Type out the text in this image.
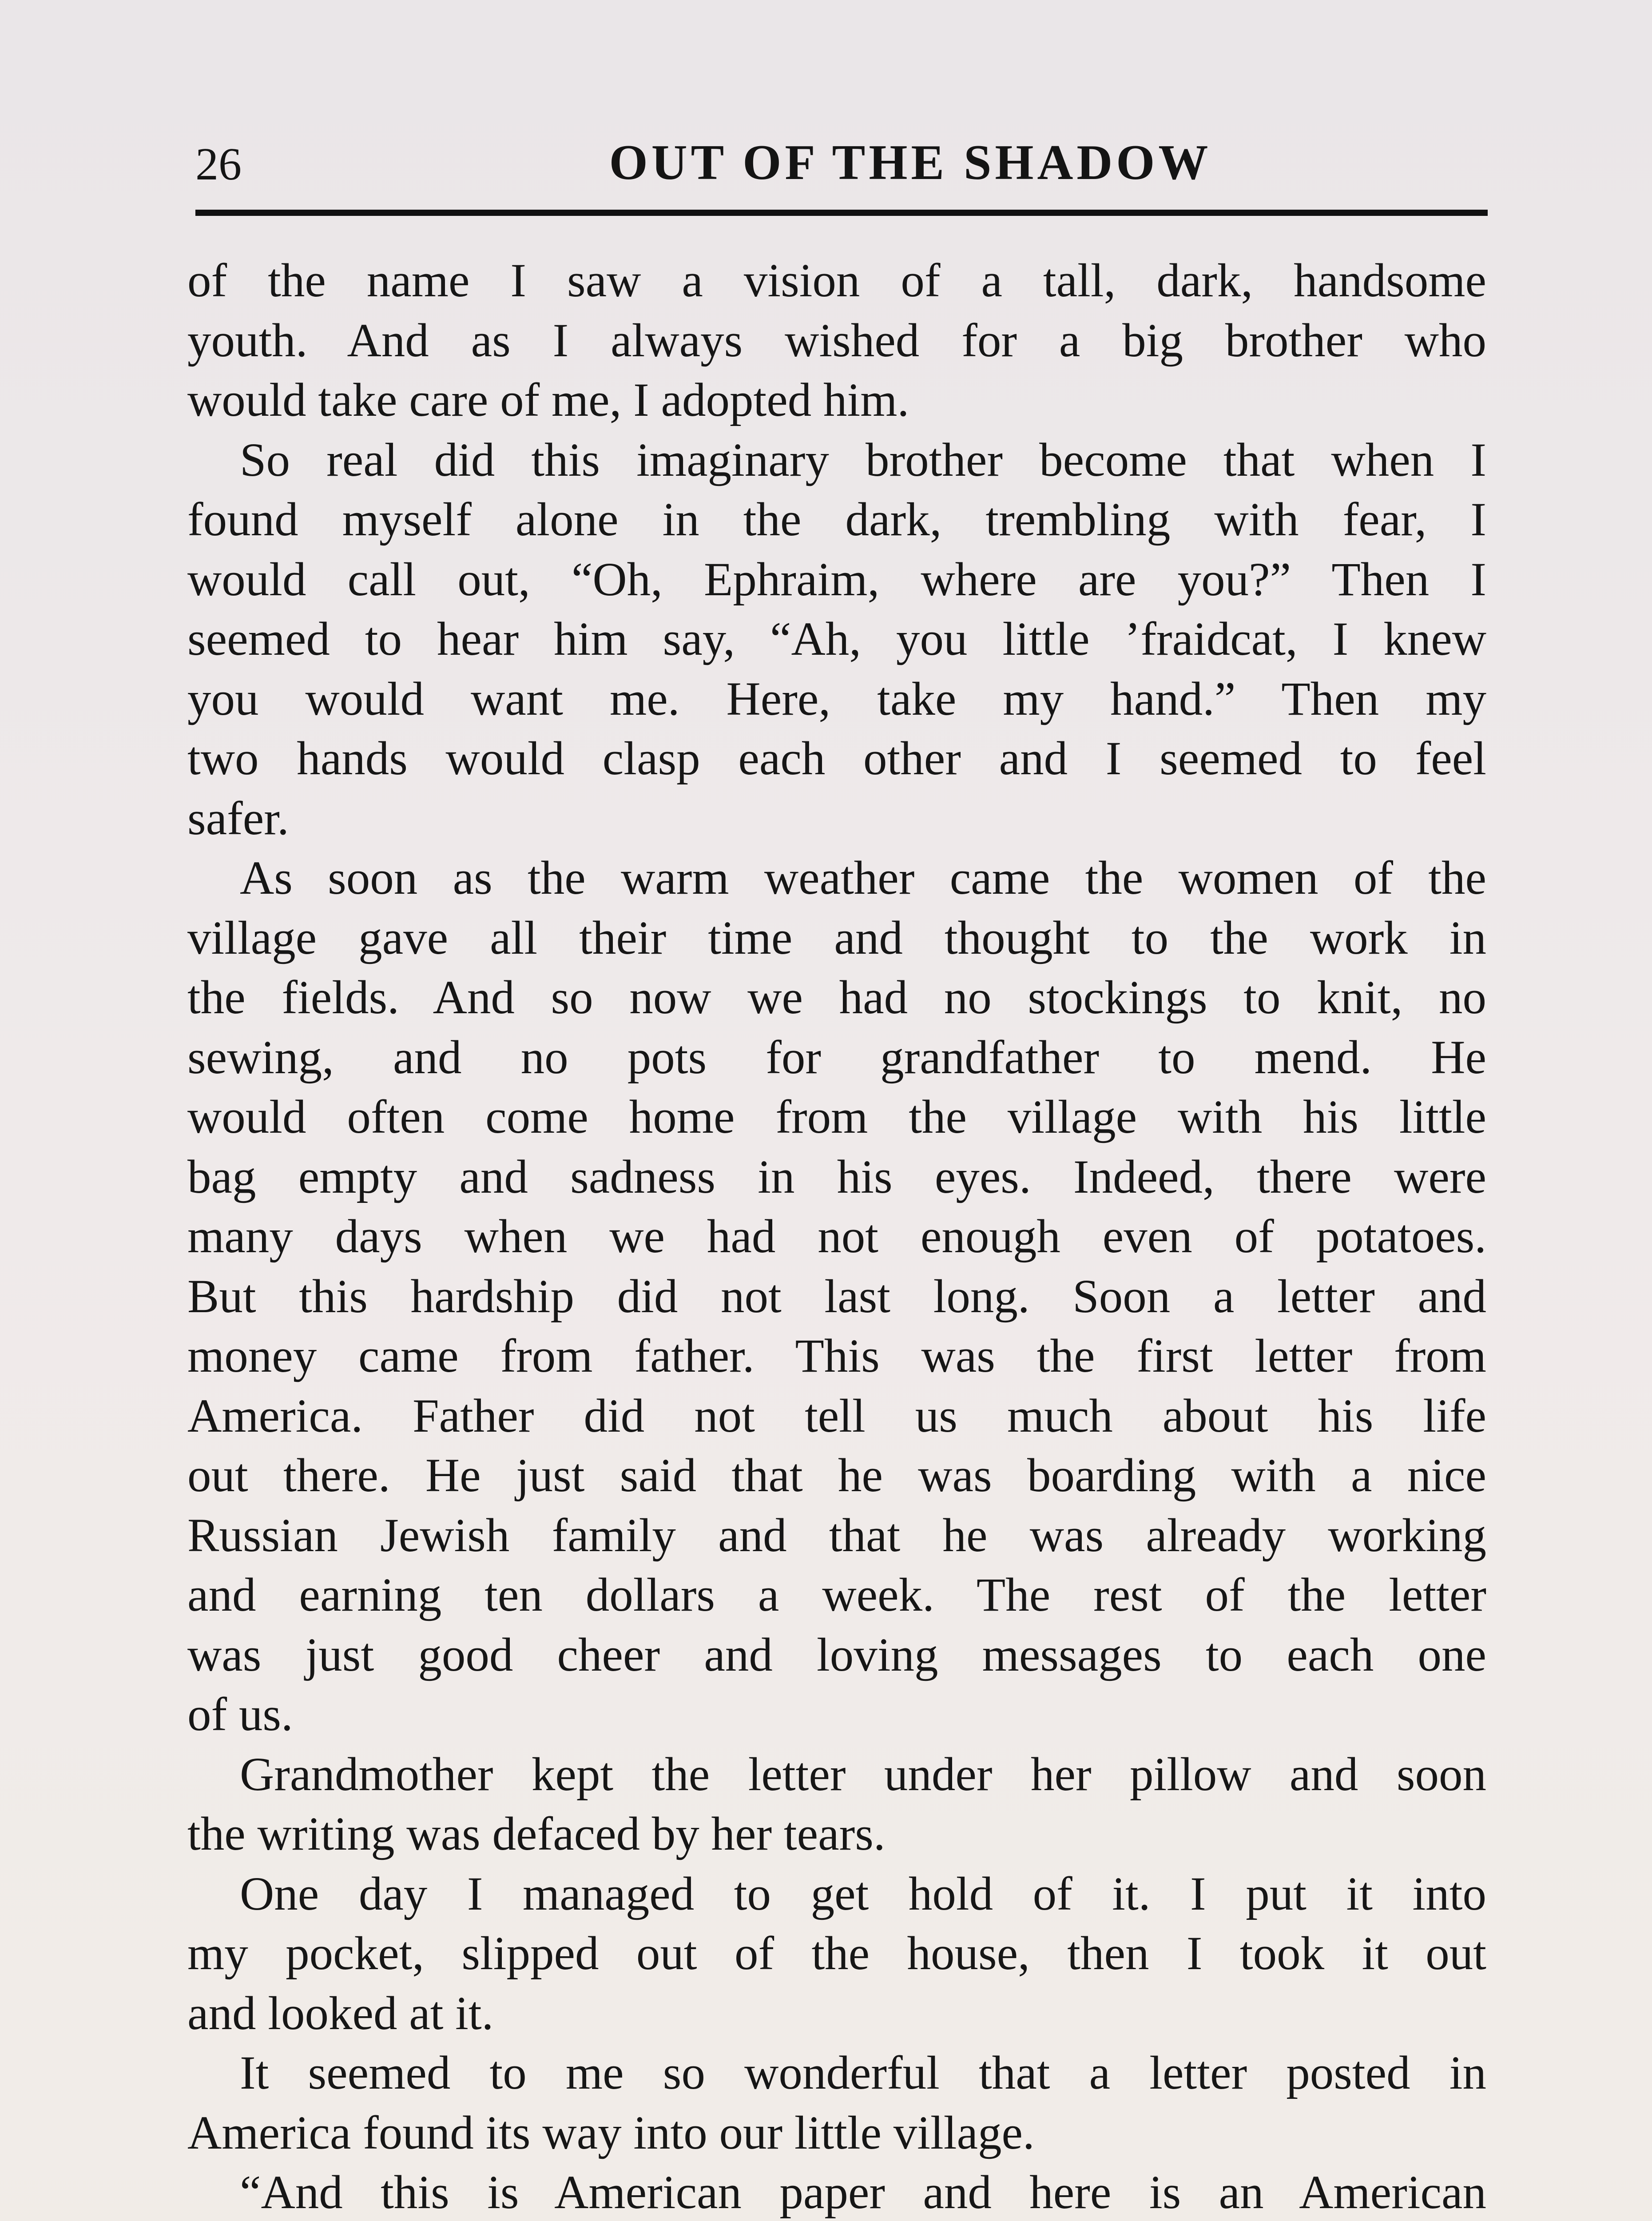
26	OUT OF THE SHADOW
of the name I saw a vision of a tall, dark, handsome
youth. And as I always wished for a big brother who
would take care of me, I adopted him.
So real did this imaginary brother become that when I
found myself alone in the dark, trembling with fear, I
would call out, “Oh, Ephraim, where are you?” Then I
seemed to hear him say, “Ah, you little ’fraidcat, I knew
you would want me. Here, take my hand.” Then my
two hands would clasp each other and I seemed to feel
safer.
As soon as the warm weather came the women of the
village gave all their time and thought to the work in
the fields. And so now we had no stockings to knit, no
sewing, and no pots for grandfather to mend. He
would often come home from the village with his little
bag empty and sadness in his eyes. Indeed, there were
many days when we had not enough even of potatoes.
But this hardship did not last long. Soon a letter and
money came from father. This was the first letter from
America. Father did not tell us much about his life
out there. He just said that he was boarding with a nice
Russian Jewish family and that he was already working
and earning ten dollars a week. The rest of the letter
was just good cheer and loving messages to each one
of us.
Grandmother kept the letter under her pillow and soon
the writing was defaced by her tears.
One day I managed to get hold of it. I put it into
my pocket, slipped out of the house, then I took it out
and looked at it.
It seemed to me so wonderful that a letter posted in
America found its way into our little village.
“And this is American paper and here is an American
